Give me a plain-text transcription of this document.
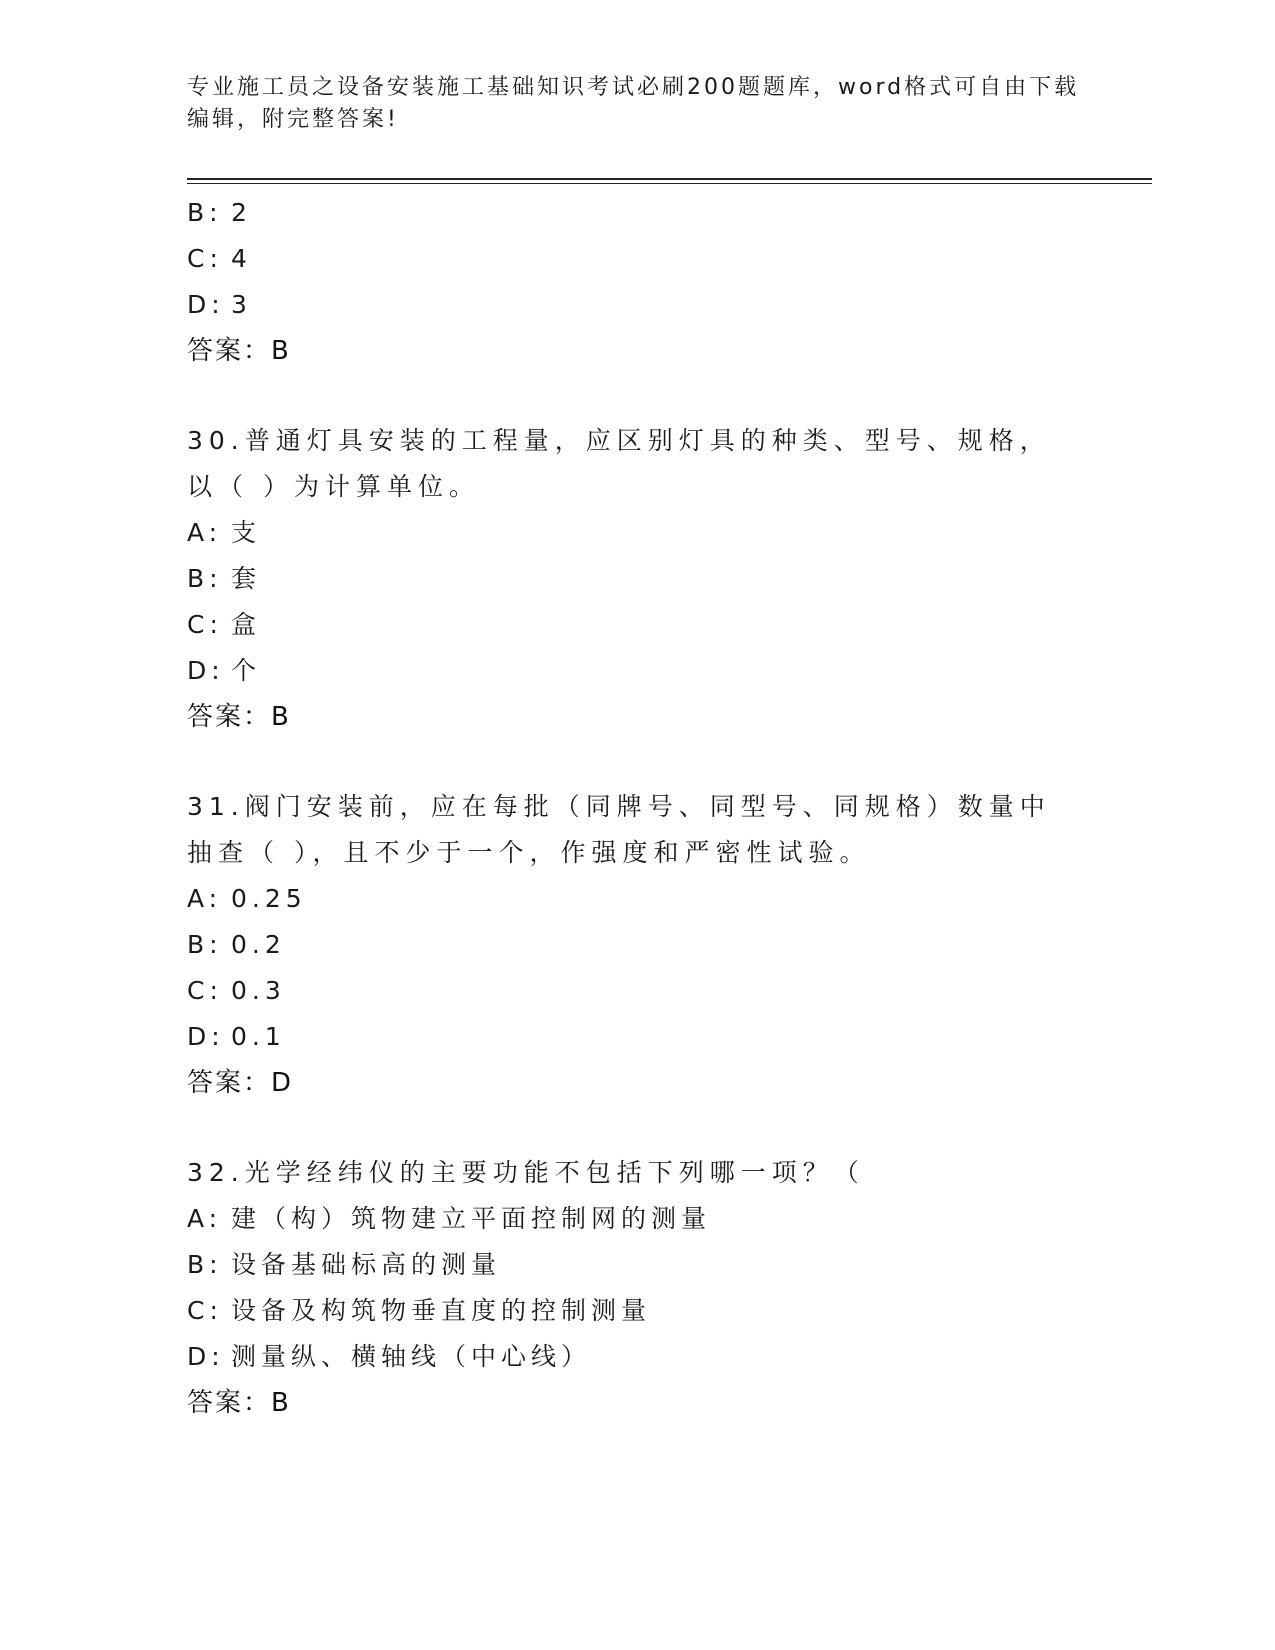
专业施工员之设备安装施工基础知识考试必刷200题题库，word格式可自由下载编辑，附完整答案!
B: 2
C: 4
D: 3
答案：B
30.普通灯具安装的工程量，应区别灯具的种类、型号、规格，以（ ）为计算单位。
A: 支
B: 套
C: 盒
D: 个
答案：B
31.阀门安装前，应在每批（同牌号、同型号、同规格）数量中抽查（ ），且不少于一个，作强度和严密性试验。
A: 0.25
B: 0.2
C: 0.3
D: 0.1
答案：D
32.光学经纬仪的主要功能不包括下列哪一项？（
A: 建（构）筑物建立平面控制网的测量
B: 设备基础标高的测量
C: 设备及构筑物垂直度的控制测量
D: 测量纵、横轴线（中心线）
答案：B
